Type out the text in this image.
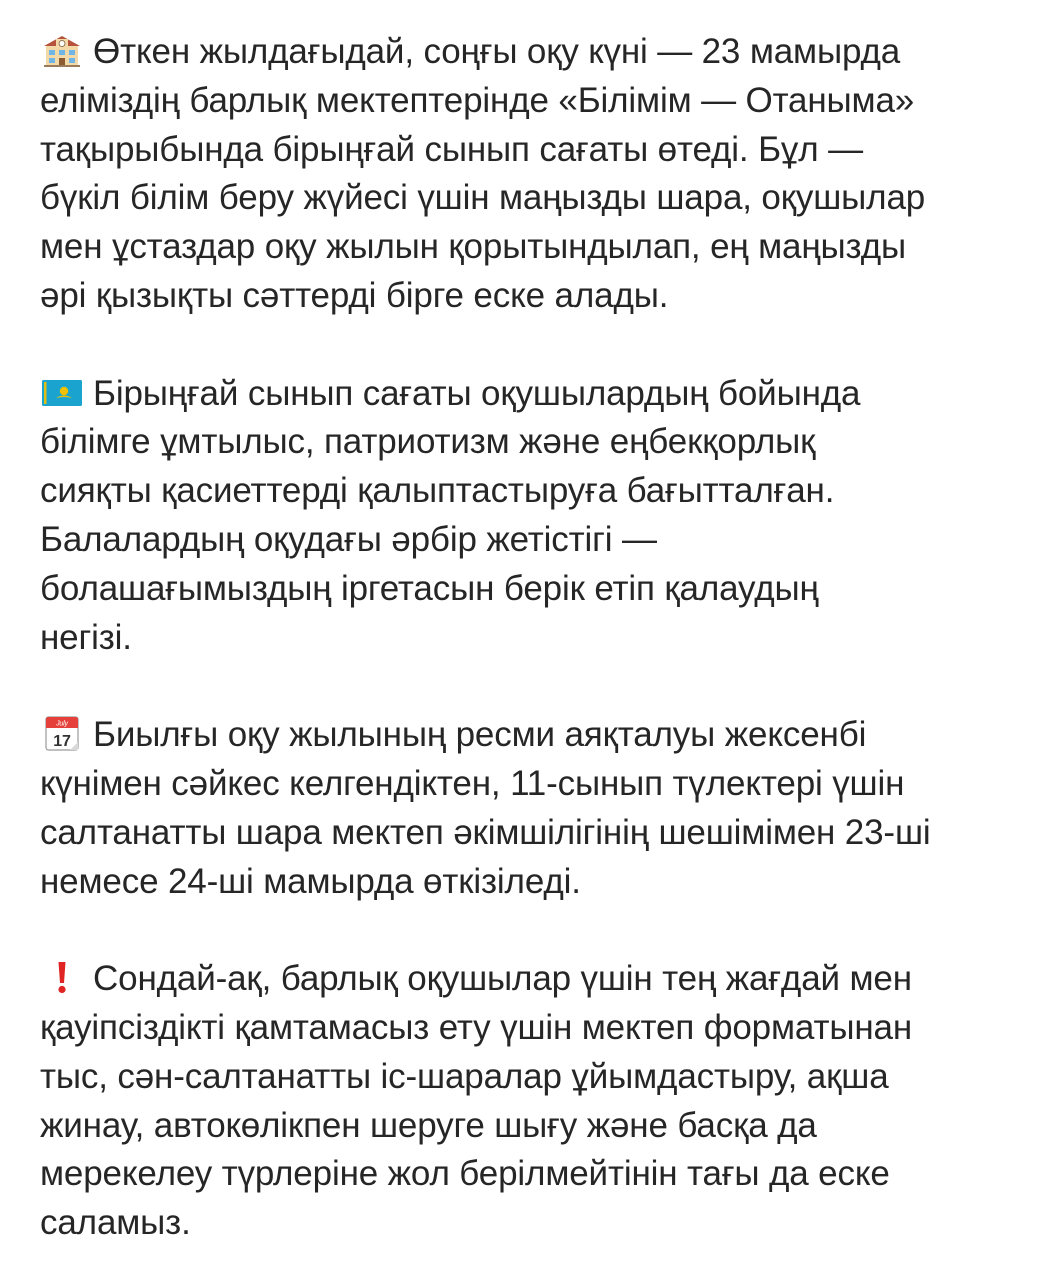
Өткен жылдағыдай, соңғы оқу күні — 23 мамырда
еліміздің барлық мектептерінде «Білімім — Отаныма»
тақырыбында бірыңғай сынып сағаты өтеді. Бұл —
бүкіл білім беру жүйесі үшін маңызды шара, оқушылар
мен ұстаздар оқу жылын қорытындылап, ең маңызды
әрі қызықты сәттерді бірге еске алады.
Бірыңғай сынып сағаты оқушылардың бойында
білімге ұмтылыс, патриотизм және еңбекқорлық
сияқты қасиеттерді қалыптастыруға бағытталған.
Балалардың оқудағы әрбір жетістігі —
болашағымыздың іргетасын берік етіп қалаудың
негізі.
July
17 Биылғы оқу жылының ресми аяқталуы жексенбі
күнімен сәйкес келгендіктен, 11-сынып түлектері үшін
салтанатты шара мектеп әкімшілігінің шешімімен 23-ші
немесе 24-ші мамырда өткізіледі.
Сондай-ақ, барлық оқушылар үшін тең жағдай мен
қауіпсіздікті қамтамасыз ету үшін мектеп форматынан
тыс, сән-салтанатты іс-шаралар ұйымдастыру, ақша
жинау, автокөлікпен шеруге шығу және басқа да
мерекелеу түрлеріне жол берілмейтінін тағы да еске
саламыз.
